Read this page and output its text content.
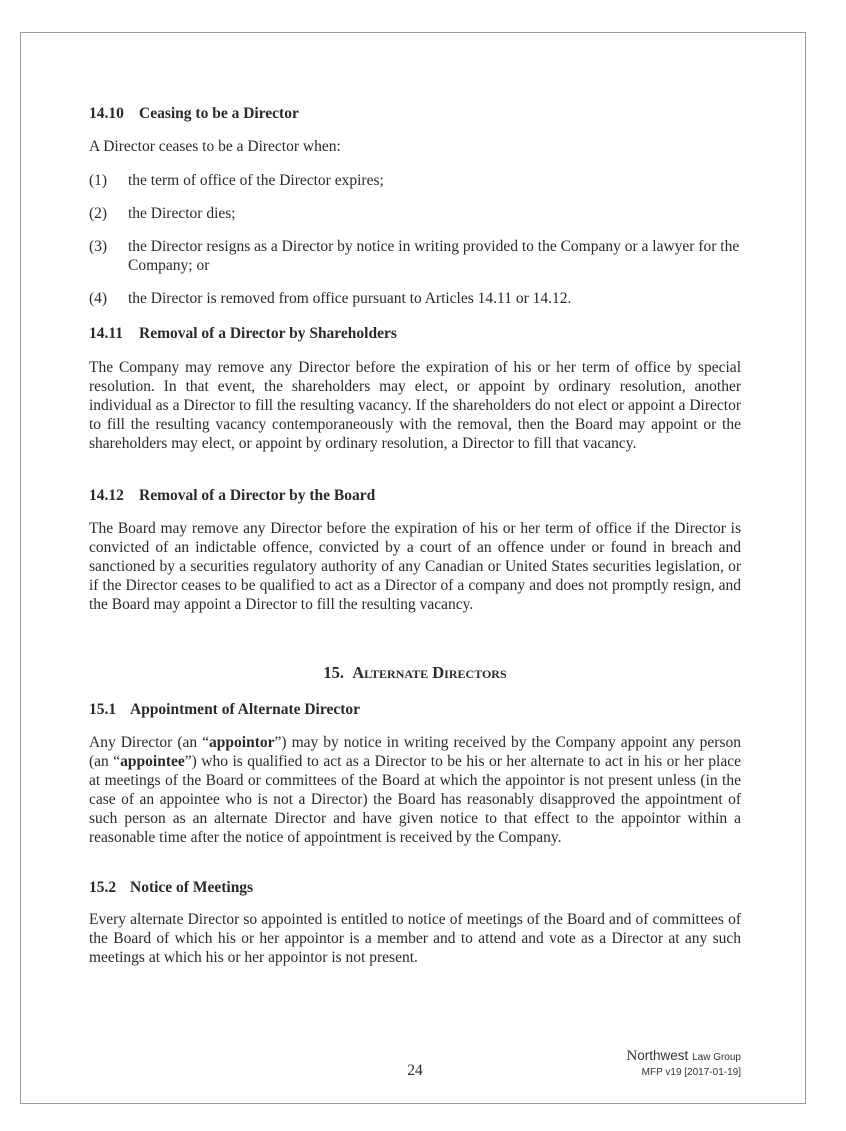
14.10 Ceasing to be a Director
A Director ceases to be a Director when:
(1) the term of office of the Director expires;
(2) the Director dies;
(3) the Director resigns as a Director by notice in writing provided to the Company or a lawyer for the Company; or
(4) the Director is removed from office pursuant to Articles 14.11 or 14.12.
14.11 Removal of a Director by Shareholders

The Company may remove any Director before the expiration of his or her term of office by special resolution. In that event, the shareholders may elect, or appoint by ordinary resolution, another individual as a Director to fill the resulting vacancy. If the shareholders do not elect or appoint a Director to fill the resulting vacancy contemporaneously with the removal, then the Board may appoint or the shareholders may elect, or appoint by ordinary resolution, a Director to fill that vacancy.

14.12 Removal of a Director by the Board

The Board may remove any Director before the expiration of his or her term of office if the Director is convicted of an indictable offence, convicted by a court of an offence under or found in breach and sanctioned by a securities regulatory authority of any Canadian or United States securities legislation, or if the Director ceases to be qualified to act as a Director of a company and does not promptly resign, and the Board may appoint a Director to fill the resulting vacancy.

15. Alternate Directors
15.1 Appointment of Alternate Director

Any Director (an “appointor”) may by notice in writing received by the Company appoint any person (an “appointee”) who is qualified to act as a Director to be his or her alternate to act in his or her place at meetings of the Board or committees of the Board at which the appointor is not present unless (in the case of an appointee who is not a Director) the Board has reasonably disapproved the appointment of such person as an alternate Director and have given notice to that effect to the appointor within a reasonable time after the notice of appointment is received by the Company.

15.2 Notice of Meetings

Every alternate Director so appointed is entitled to notice of meetings of the Board and of committees of the Board of which his or her appointor is a member and to attend and vote as a Director at any such meetings at which his or her appointor is not present.

24
Northwest Law Group
MFP v19 [2017-01-19]
